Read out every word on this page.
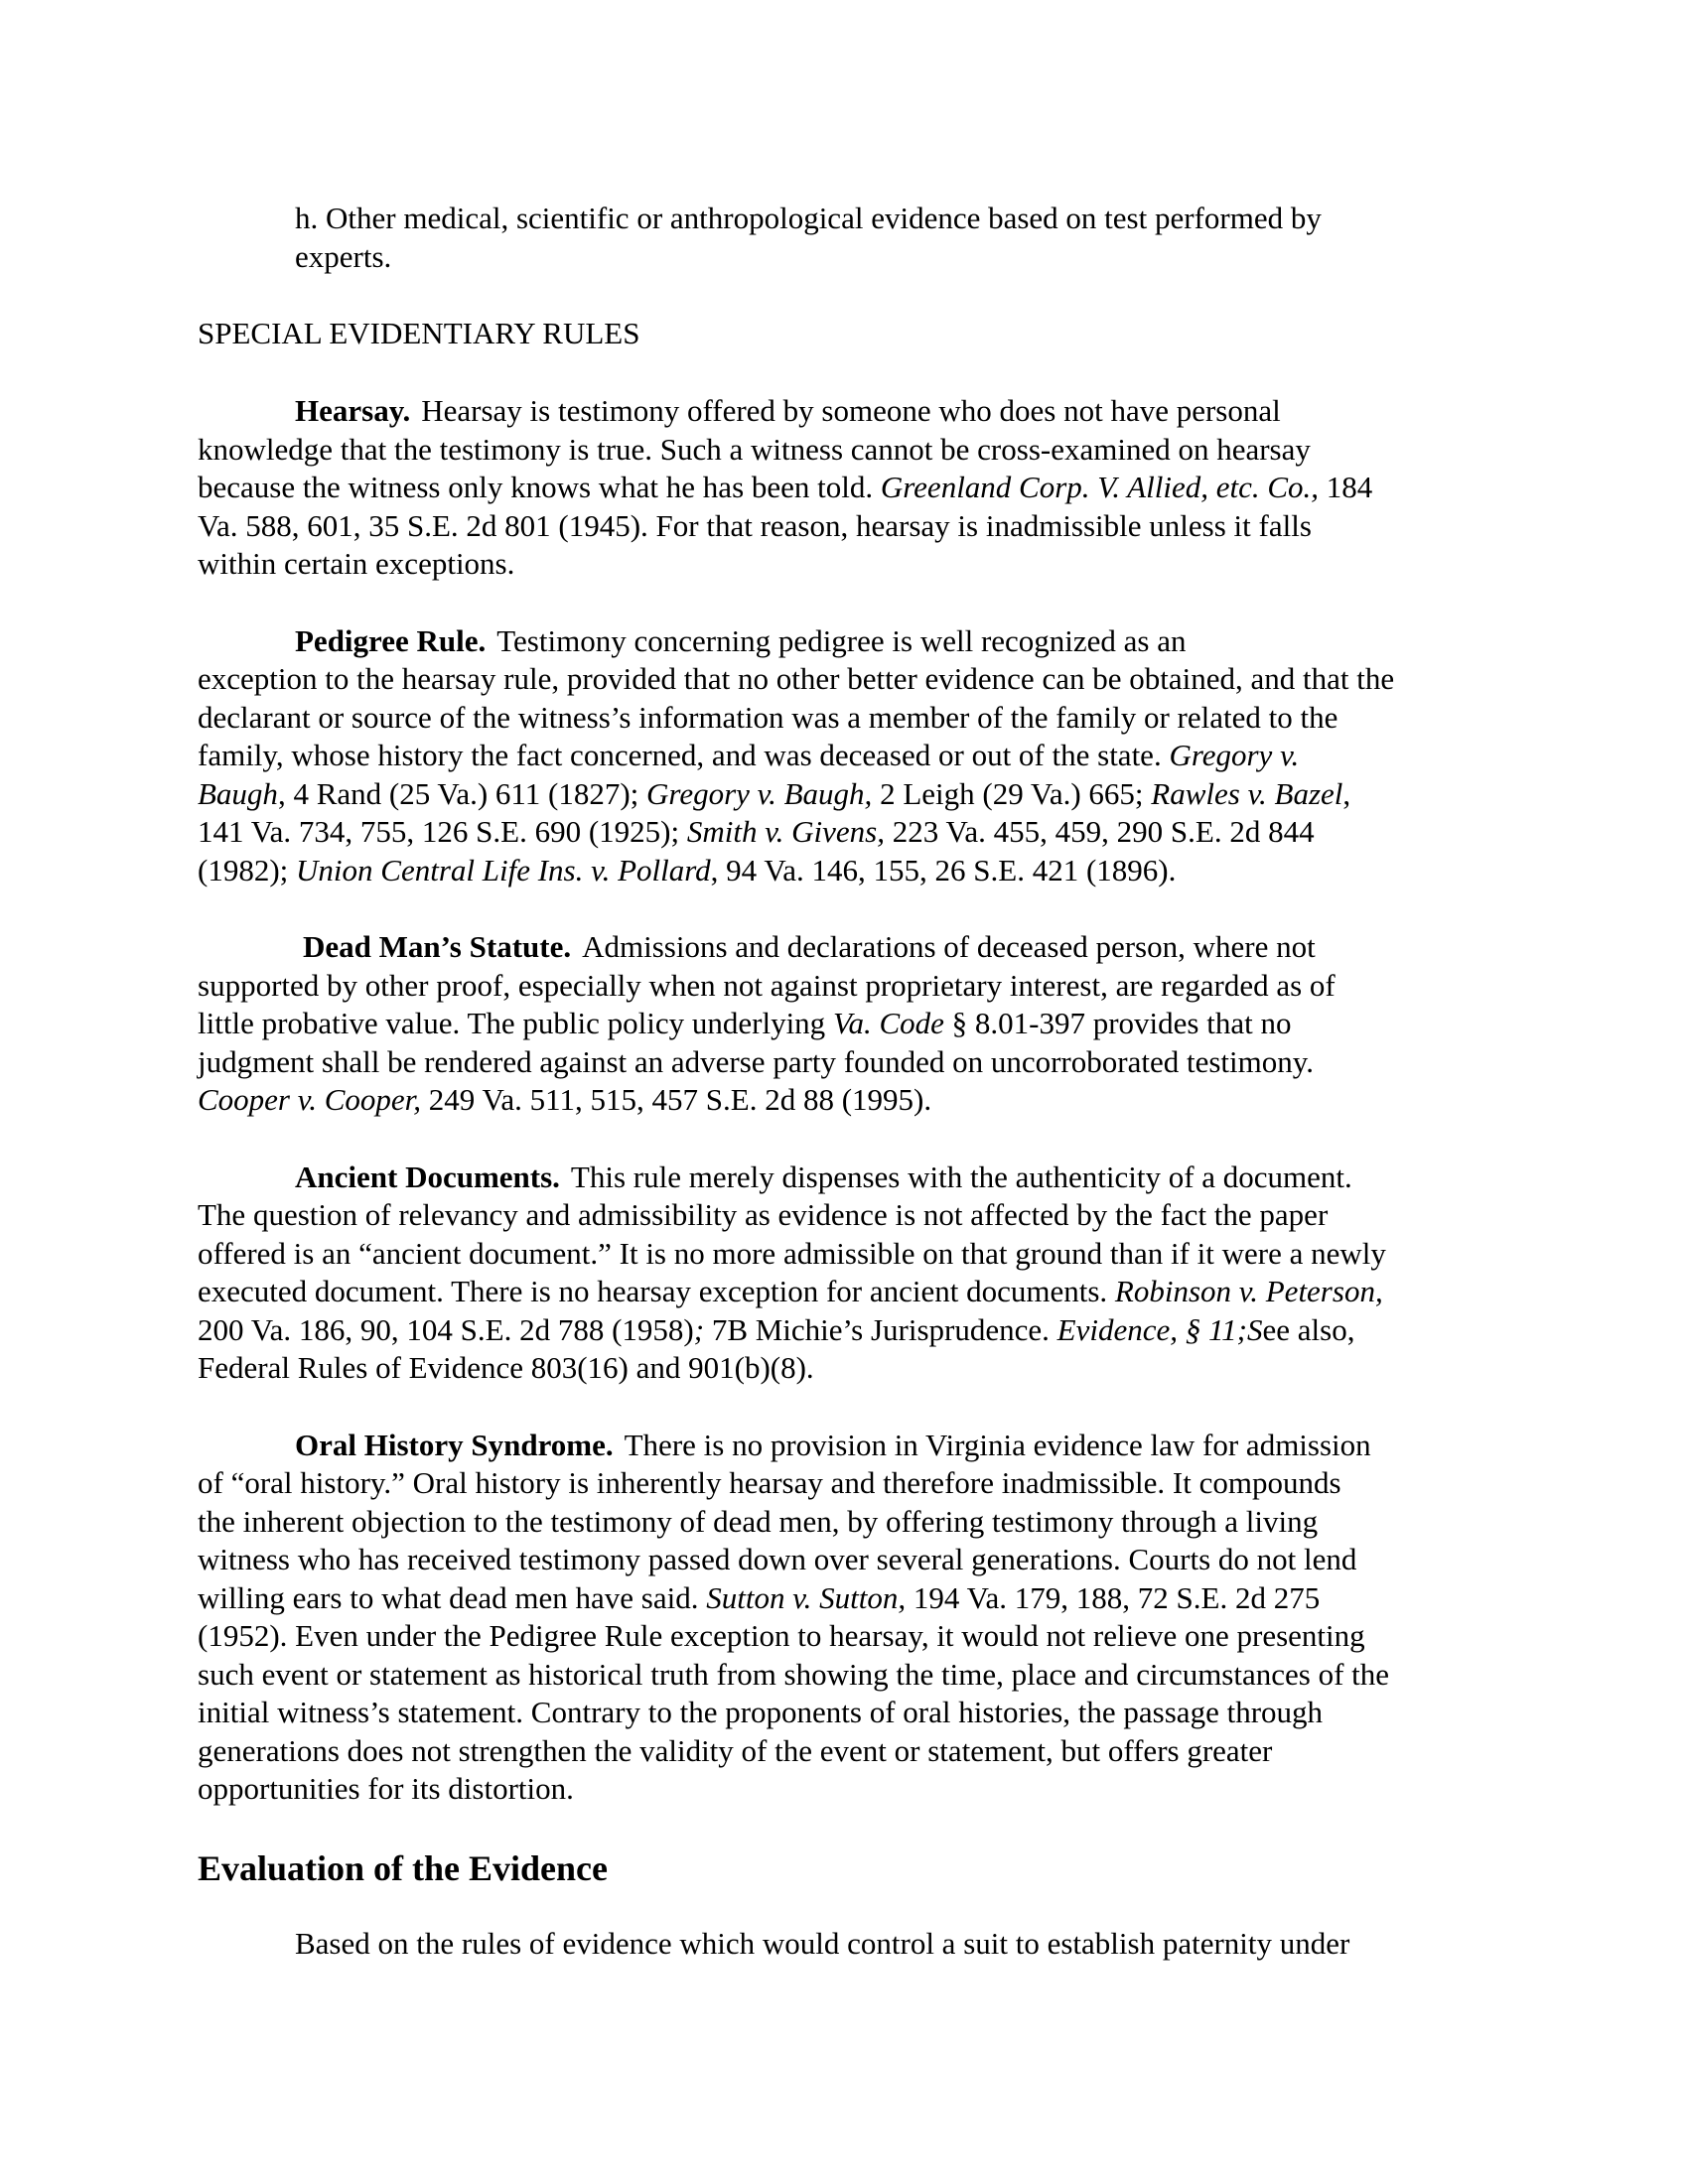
h. Other medical, scientific or anthropological evidence based on test performed by
experts.
SPECIAL EVIDENTIARY RULES
Hearsay. Hearsay is testimony offered by someone who does not have personal
knowledge that the testimony is true. Such a witness cannot be cross-examined on hearsay
because the witness only knows what he has been told. Greenland Corp. V. Allied, etc. Co., 184
Va. 588, 601, 35 S.E. 2d 801 (1945). For that reason, hearsay is inadmissible unless it falls
within certain exceptions.
Pedigree Rule. Testimony concerning pedigree is well recognized as an
exception to the hearsay rule, provided that no other better evidence can be obtained, and that the
declarant or source of the witness’s information was a member of the family or related to the
family, whose history the fact concerned, and was deceased or out of the state. Gregory v.
Baugh, 4 Rand (25 Va.) 611 (1827); Gregory v. Baugh, 2 Leigh (29 Va.) 665; Rawles v. Bazel,
141 Va. 734, 755, 126 S.E. 690 (1925); Smith v. Givens, 223 Va. 455, 459, 290 S.E. 2d 844
(1982); Union Central Life Ins. v. Pollard, 94 Va. 146, 155, 26 S.E. 421 (1896).
Dead Man’s Statute. Admissions and declarations of deceased person, where not
supported by other proof, especially when not against proprietary interest, are regarded as of
little probative value. The public policy underlying Va. Code § 8.01-397 provides that no
judgment shall be rendered against an adverse party founded on uncorroborated testimony.
Cooper v. Cooper, 249 Va. 511, 515, 457 S.E. 2d 88 (1995).
Ancient Documents. This rule merely dispenses with the authenticity of a document.
The question of relevancy and admissibility as evidence is not affected by the fact the paper
offered is an “ancient document.” It is no more admissible on that ground than if it were a newly
executed document. There is no hearsay exception for ancient documents. Robinson v. Peterson,
200 Va. 186, 90, 104 S.E. 2d 788 (1958); 7B Michie’s Jurisprudence. Evidence, § 11;See also,
Federal Rules of Evidence 803(16) and 901(b)(8).
Oral History Syndrome. There is no provision in Virginia evidence law for admission
of “oral history.” Oral history is inherently hearsay and therefore inadmissible. It compounds
the inherent objection to the testimony of dead men, by offering testimony through a living
witness who has received testimony passed down over several generations. Courts do not lend
willing ears to what dead men have said. Sutton v. Sutton, 194 Va. 179, 188, 72 S.E. 2d 275
(1952). Even under the Pedigree Rule exception to hearsay, it would not relieve one presenting
such event or statement as historical truth from showing the time, place and circumstances of the
initial witness’s statement. Contrary to the proponents of oral histories, the passage through
generations does not strengthen the validity of the event or statement, but offers greater
opportunities for its distortion.
Evaluation of the Evidence
Based on the rules of evidence which would control a suit to establish paternity under
